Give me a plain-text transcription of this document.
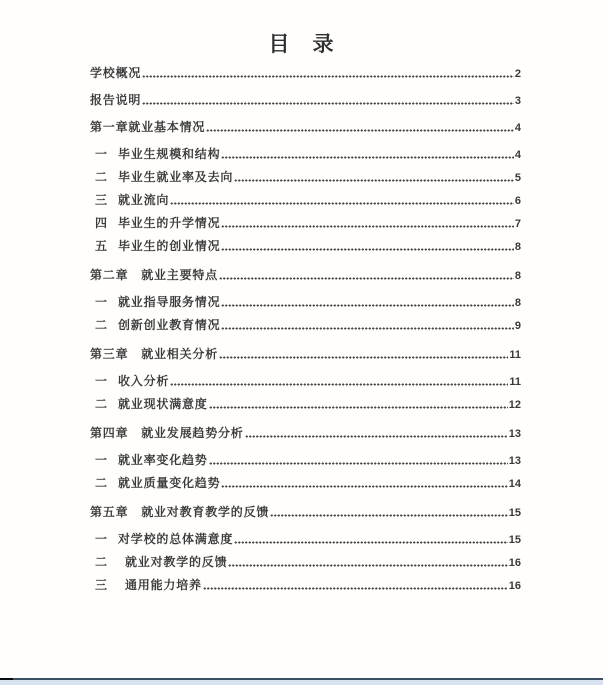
目　录
学校概况	2
报告说明	3
第一章就业基本情况	4
一 毕业生规模和结构	4
二 毕业生就业率及去向	5
三 就业流向	6
四 毕业生的升学情况	7
五 毕业生的创业情况	8
第二章　就业主要特点	8
一 就业指导服务情况	8
二 创新创业教育情况	9
第三章　就业相关分析	11
一 收入分析	11
二 就业现状满意度	12
第四章　就业发展趋势分析	13
一 就业率变化趋势	13
二 就业质量变化趋势	14
第五章　就业对教育教学的反馈	15
一 对学校的总体满意度	15
二	就业对教学的反馈	16
三	通用能力培养	16
